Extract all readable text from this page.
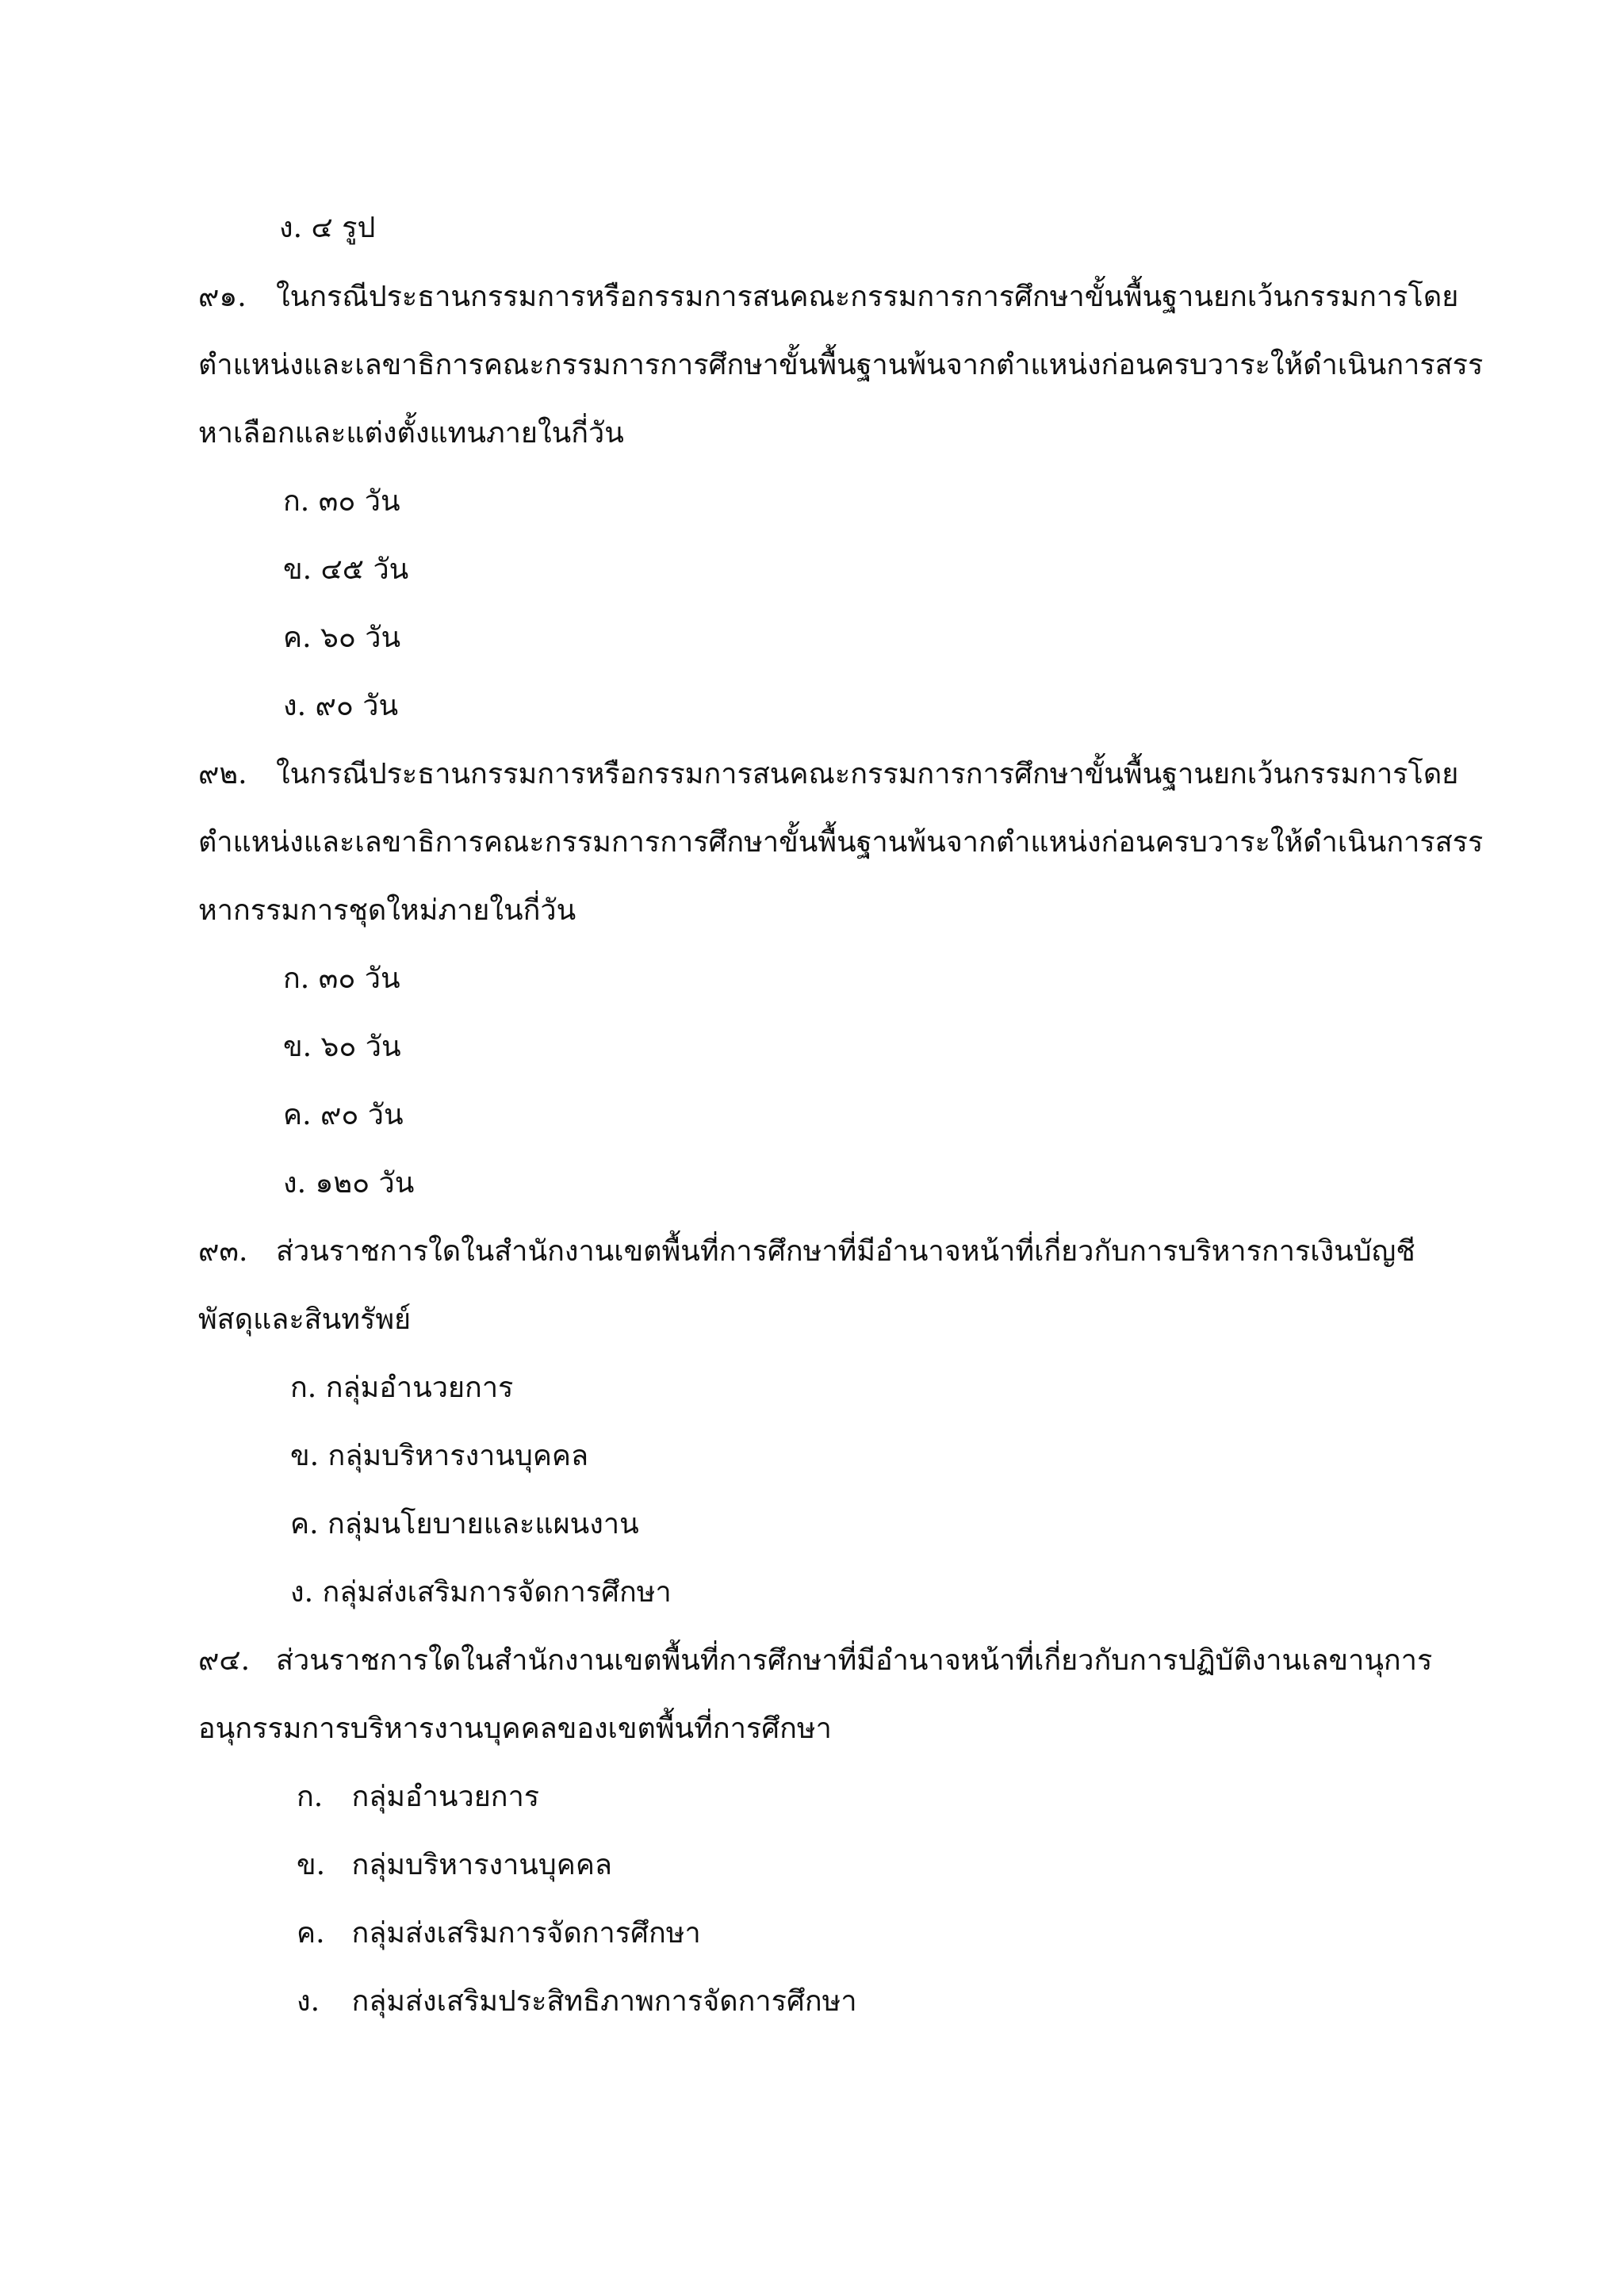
ง. ๔ รูป
๙๑. ในกรณีประธานกรรมการหรือกรรมการสนคณะกรรมการการศึกษาขั้นพื้นฐานยกเว้นกรรมการโดย
ตำแหน่งและเลขาธิการคณะกรรมการการศึกษาขั้นพื้นฐานพ้นจากตำแหน่งก่อนครบวาระให้ดำเนินการสรร
หาเลือกและแต่งตั้งแทนภายในกี่วัน
ก. ๓๐ วัน
ข. ๔๕ วัน
ค. ๖๐ วัน
ง. ๙๐ วัน
๙๒. ในกรณีประธานกรรมการหรือกรรมการสนคณะกรรมการการศึกษาขั้นพื้นฐานยกเว้นกรรมการโดย
ตำแหน่งและเลขาธิการคณะกรรมการการศึกษาขั้นพื้นฐานพ้นจากตำแหน่งก่อนครบวาระให้ดำเนินการสรร
หากรรมการชุดใหม่ภายในกี่วัน
ก. ๓๐ วัน
ข. ๖๐ วัน
ค. ๙๐ วัน
ง. ๑๒๐ วัน
๙๓. ส่วนราชการใดในสำนักงานเขตพื้นที่การศึกษาที่มีอำนาจหน้าที่เกี่ยวกับการบริหารการเงินบัญชี
พัสดุและสินทรัพย์
ก. กลุ่มอำนวยการ
ข. กลุ่มบริหารงานบุคคล
ค. กลุ่มนโยบายและแผนงาน
ง. กลุ่มส่งเสริมการจัดการศึกษา
๙๔. ส่วนราชการใดในสำนักงานเขตพื้นที่การศึกษาที่มีอำนาจหน้าที่เกี่ยวกับการปฏิบัติงานเลขานุการ
อนุกรรมการบริหารงานบุคคลของเขตพื้นที่การศึกษา
ก. กลุ่มอำนวยการ
ข. กลุ่มบริหารงานบุคคล
ค. กลุ่มส่งเสริมการจัดการศึกษา
ง. กลุ่มส่งเสริมประสิทธิภาพการจัดการศึกษา
